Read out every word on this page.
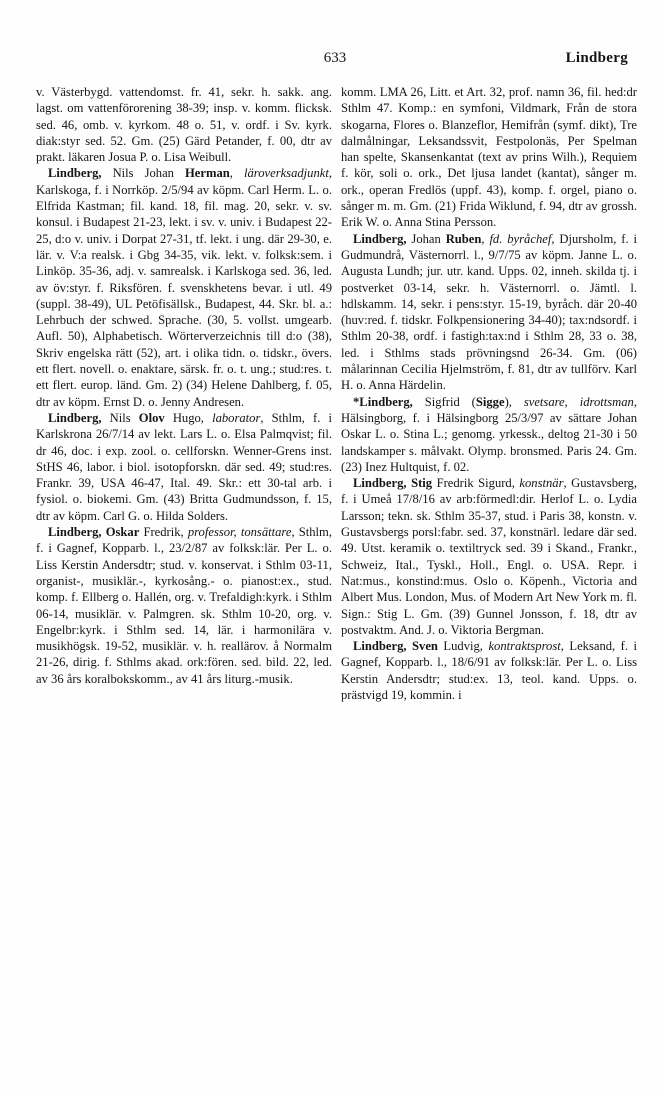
633	Lindberg

v. Västerbygd. vattendomst. fr. 41, sekr. h. sakk. ang. lagst. om vattenförorening 38-39; insp. v. komm. flicksk. sed. 46, omb. v. kyrkom. 48 o. 51, v. ordf. i Sv. kyrk. diak:styr sed. 52. Gm. (25) Gärd Petander, f. 00, dtr av prakt. läkaren Josua P. o. Lisa Weibull.

Lindberg, Nils Johan Herman, läroverksadjunkt, Karlskoga, f. i Norrköp. 2/5/94 av köpm. Carl Herm. L. o. Elfrida Kastman; fil. kand. 18, fil. mag. 20, sekr. v. sv. konsul. i Budapest 21-23, lekt. i sv. v. univ. i Budapest 22-25, d:o v. univ. i Dorpat 27-31, tf. lekt. i ung. där 29-30, e. lär. v. V:a realsk. i Gbg 34-35, vik. lekt. v. folksk:sem. i Linköp. 35-36, adj. v. samrealsk. i Karlskoga sed. 36, led. av öv:styr. f. Riksfören. f. svenskhetens bevar. i utl. 49 (suppl. 38-49), UL Petöfisällsk., Budapest, 44. Skr. bl. a.: Lehrbuch der schwed. Sprache. (30, 5. vollst. umgearb. Aufl. 50), Alphabetisch. Wörterverzeichnis till d:o (38), Skriv engelska rätt (52), art. i olika tidn. o. tidskr., övers. ett flert. novell. o. enaktare, särsk. fr. o. t. ung.; stud:res. t. ett flert. europ. länd. Gm. 2) (34) Helene Dahlberg, f. 05, dtr av köpm. Ernst D. o. Jenny Andresen.

Lindberg, Nils Olov Hugo, laborator, Sthlm, f. i Karlskrona 26/7/14 av lekt. Lars L. o. Elsa Palmqvist; fil. dr 46, doc. i exp. zool. o. cellforskn. Wenner-Grens inst. StHS 46, labor. i biol. isotopforskn. där sed. 49; stud:res. Frankr. 39, USA 46-47, Ital. 49. Skr.: ett 30-tal arb. i fysiol. o. biokemi. Gm. (43) Britta Gudmundsson, f. 15, dtr av köpm. Carl G. o. Hilda Solders.

Lindberg, Oskar Fredrik, professor, tonsättare, Sthlm, f. i Gagnef, Kopparb. l., 23/2/87 av folksk:lär. Per L. o. Liss Kerstin Andersdtr; stud. v. konservat. i Sthlm 03-11, organist-, musiklär.-, kyrkosång.- o. pianost:ex., stud. komp. f. Ellberg o. Hallén, org. v. Trefaldigh:kyrk. i Sthlm 06-14, musiklär. v. Palmgren. sk. Sthlm 10-20, org. v. Engelbr:kyrk. i Sthlm sed. 14, lär. i harmonilära v. musikhögsk. 19-52, musiklär. v. h. reallärov. å Normalm 21-26, dirig. f. Sthlms akad. ork:fören. sed. bild. 22, led. av 36 års koralbokskomm., av 41 års liturg.-musik.

komm. LMA 26, Litt. et Art. 32, prof. namn 36, fil. hed:dr Sthlm 47. Komp.: en symfoni, Vildmark, Från de stora skogarna, Flores o. Blanzeflor, Hemifrån (symf. dikt), Tre dalmålningar, Leksandssvit, Festpolonäs, Per Spelman han spelte, Skansenkantat (text av prins Wilh.), Requiem f. kör, soli o. ork., Det ljusa landet (kantat), sånger m. ork., operan Fredlös (uppf. 43), komp. f. orgel, piano o. sånger m. m. Gm. (21) Frida Wiklund, f. 94, dtr av grossh. Erik W. o. Anna Stina Persson.

Lindberg, Johan Ruben, fd. byråchef, Djursholm, f. i Gudmundrå, Västernorrl. l., 9/7/75 av köpm. Janne L. o. Augusta Lundh; jur. utr. kand. Upps. 02, inneh. skilda tj. i postverket 03-14, sekr. h. Västernorrl. o. Jämtl. l. hdlskamm. 14, sekr. i pens:styr. 15-19, byråch. där 20-40 (huv:red. f. tidskr. Folkpensionering 34-40); tax:ndsordf. i Sthlm 20-38, ordf. i fastigh:tax:nd i Sthlm 28, 33 o. 38, led. i Sthlms stads prövningsnd 26-34. Gm. (06) målarinnan Cecilia Hjelmström, f. 81, dtr av tullförv. Karl H. o. Anna Härdelin.

*Lindberg, Sigfrid (Sigge), svetsare, idrottsman, Hälsingborg, f. i Hälsingborg 25/3/97 av sättare Johan Oskar L. o. Stina L.; genomg. yrkessk., deltog 21-30 i 50 landskamper s. målvakt. Olymp. bronsmed. Paris 24. Gm. (23) Inez Hultquist, f. 02.

Lindberg, Stig Fredrik Sigurd, konstnär, Gustavsberg, f. i Umeå 17/8/16 av arb:förmedl:dir. Herlof L. o. Lydia Larsson; tekn. sk. Sthlm 35-37, stud. i Paris 38, konstn. v. Gustavsbergs porsl:fabr. sed. 37, konstnärl. ledare där sed. 49. Utst. keramik o. textiltryck sed. 39 i Skand., Frankr., Schweiz, Ital., Tyskl., Holl., Engl. o. USA. Repr. i Nat:mus., konstind:mus. Oslo o. Köpenh., Victoria and Albert Mus. London, Mus. of Modern Art New York m. fl. Sign.: Stig L. Gm. (39) Gunnel Jonsson, f. 18, dtr av postvaktm. And. J. o. Viktoria Bergman.

Lindberg, Sven Ludvig, kontraktsprost, Leksand, f. i Gagnef, Kopparb. l., 18/6/91 av folksk:lär. Per L. o. Liss Kerstin Andersdtr; stud:ex. 13, teol. kand. Upps. o. prästvigd 19, kommin. i
